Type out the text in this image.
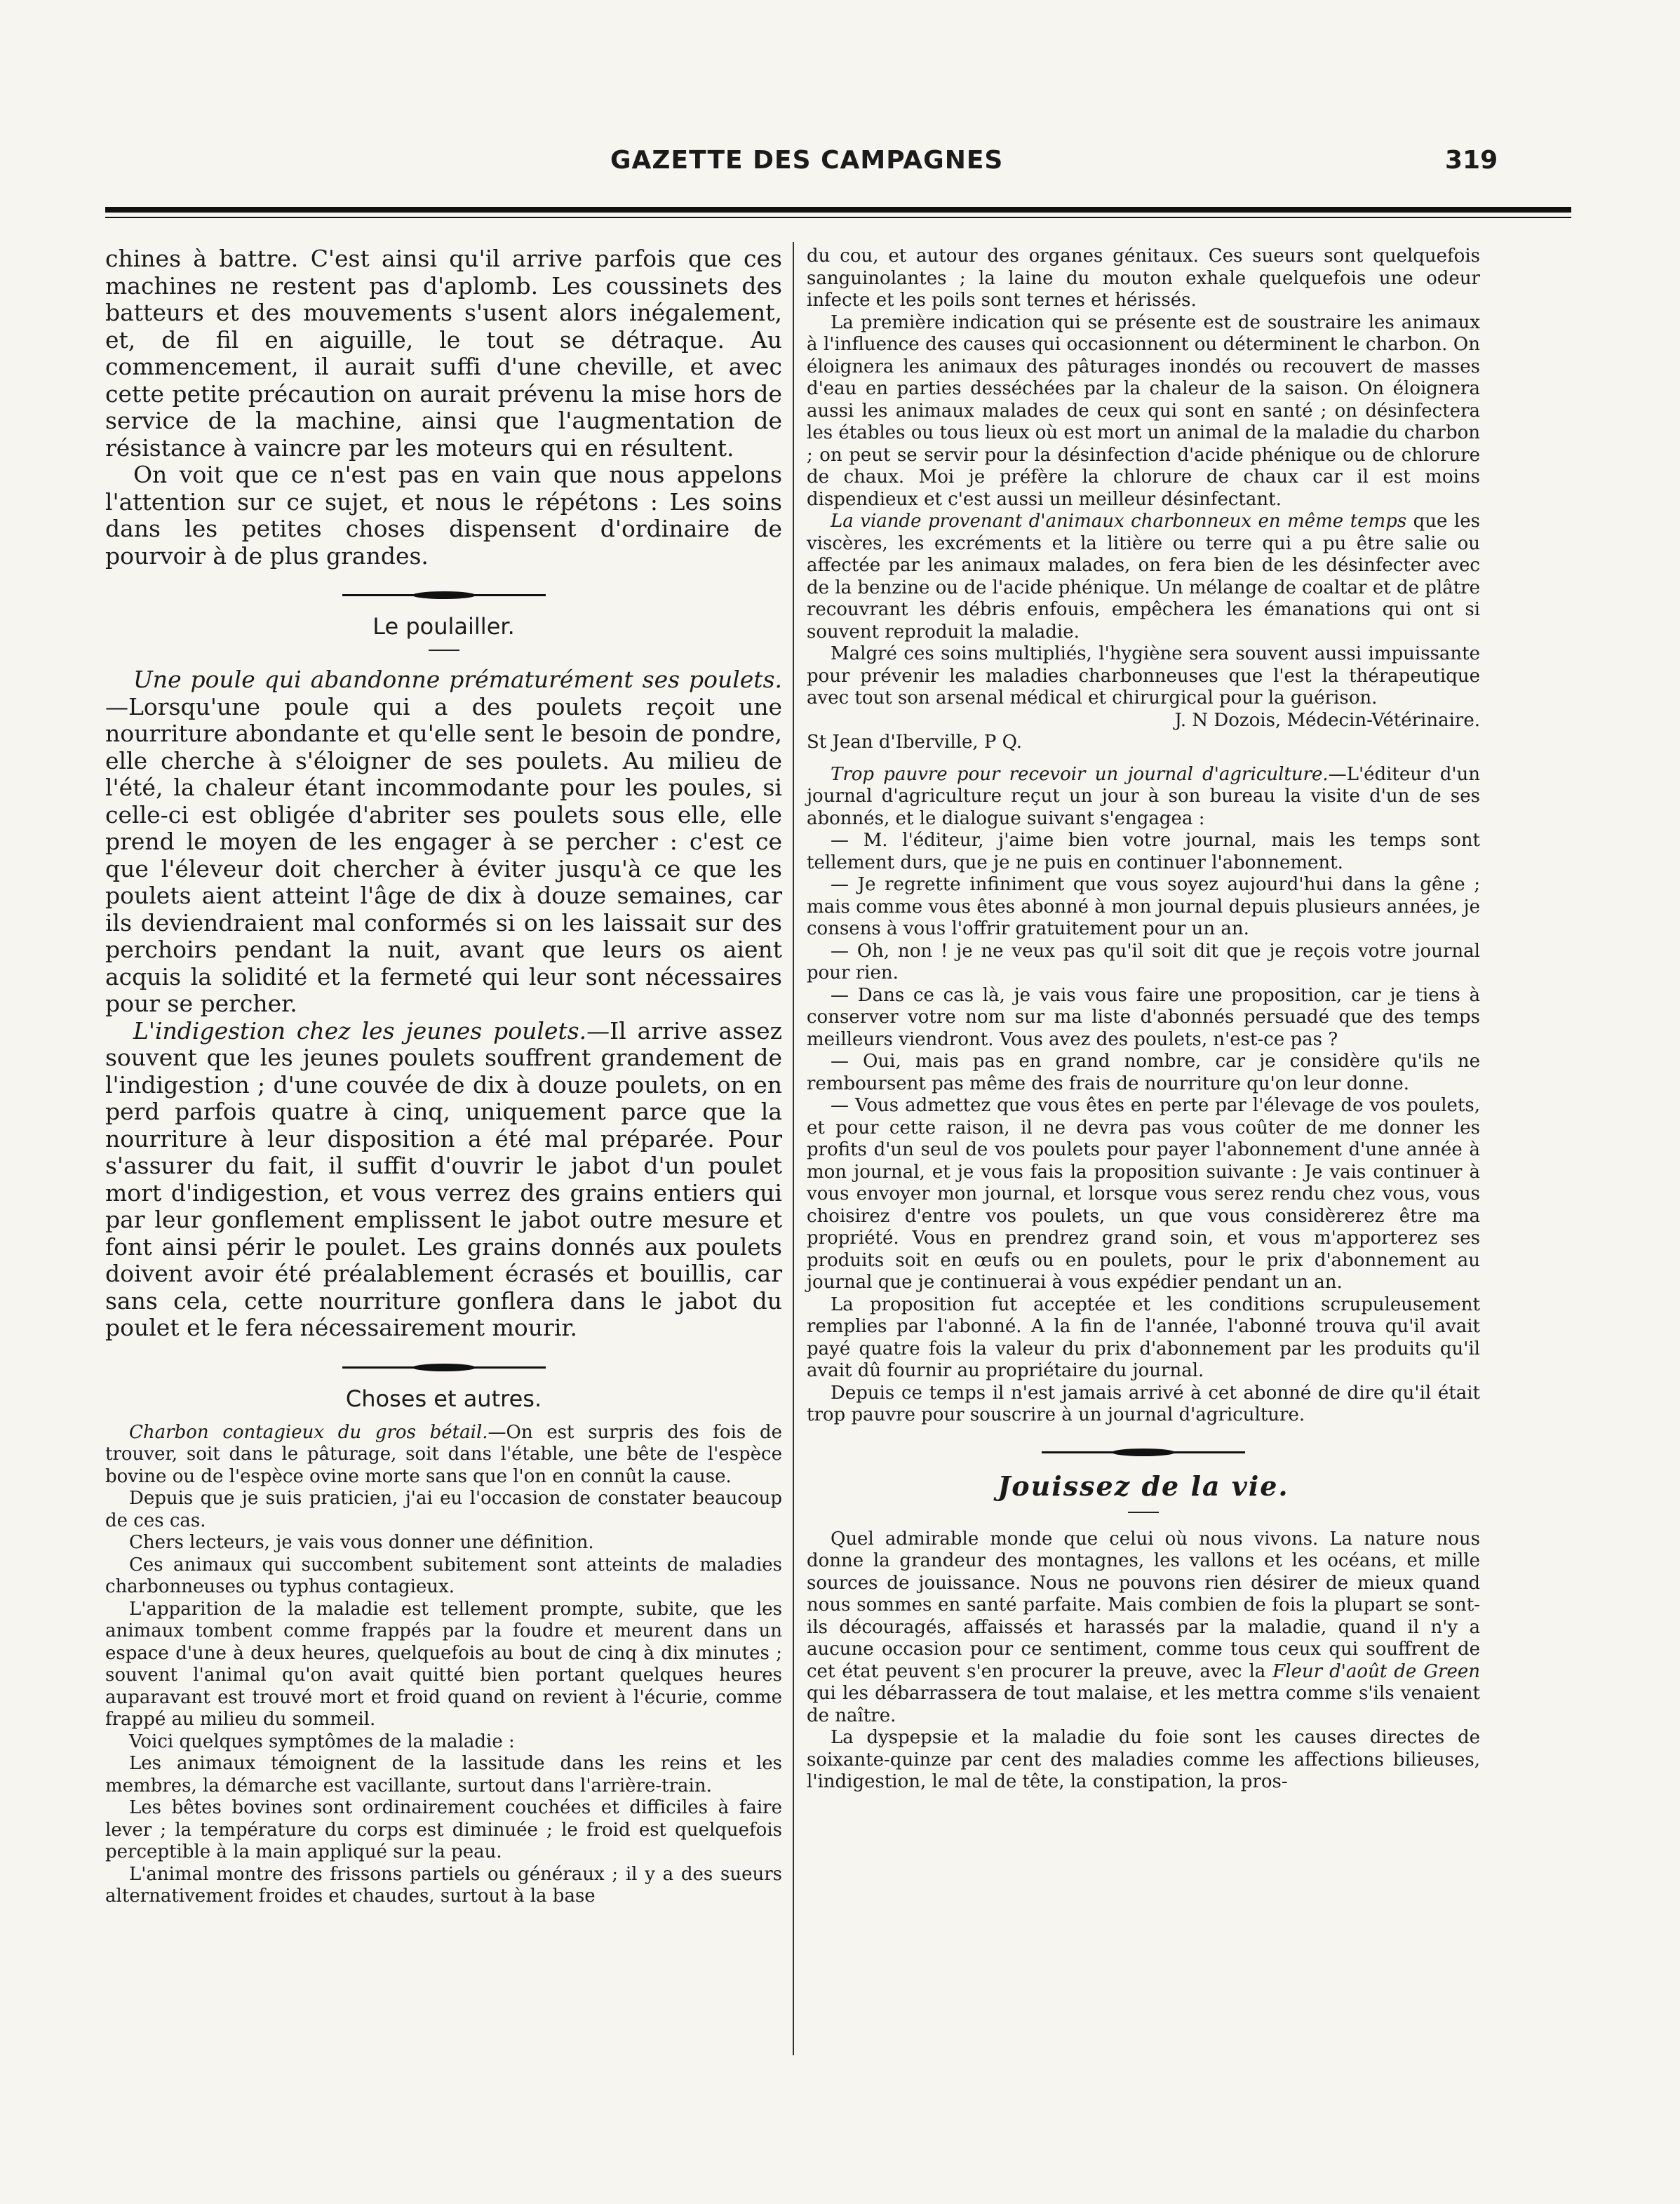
GAZETTE DES CAMPAGNES	319

chines à battre. C'est ainsi qu'il arrive parfois que ces machines ne restent pas d'aplomb. Les coussinets des batteurs et des mouvements s'usent alors inégalement, et, de fil en aiguille, le tout se détraque. Au commencement, il aurait suffi d'une cheville, et avec cette petite précaution on aurait prévenu la mise hors de service de la machine, ainsi que l'augmentation de résistance à vaincre par les moteurs qui en résultent.

On voit que ce n'est pas en vain que nous appelons l'attention sur ce sujet, et nous le répétons : Les soins dans les petites choses dispensent d'ordinaire de pourvoir à de plus grandes.

Le poulailler.

Une poule qui abandonne prématurément ses poulets.—Lorsqu'une poule qui a des poulets reçoit une nourriture abondante et qu'elle sent le besoin de pondre, elle cherche à s'éloigner de ses poulets. Au milieu de l'été, la chaleur étant incommodante pour les poules, si celle-ci est obligée d'abriter ses poulets sous elle, elle prend le moyen de les engager à se percher : c'est ce que l'éleveur doit chercher à éviter jusqu'à ce que les poulets aient atteint l'âge de dix à douze semaines, car ils deviendraient mal conformés si on les laissait sur des perchoirs pendant la nuit, avant que leurs os aient acquis la solidité et la fermeté qui leur sont nécessaires pour se percher.

L'indigestion chez les jeunes poulets.—Il arrive assez souvent que les jeunes poulets souffrent grandement de l'indigestion ; d'une couvée de dix à douze poulets, on en perd parfois quatre à cinq, uniquement parce que la nourriture à leur disposition a été mal préparée. Pour s'assurer du fait, il suffit d'ouvrir le jabot d'un poulet mort d'indigestion, et vous verrez des grains entiers qui par leur gonflement emplissent le jabot outre mesure et font ainsi périr le poulet. Les grains donnés aux poulets doivent avoir été préalablement écrasés et bouillis, car sans cela, cette nourriture gonflera dans le jabot du poulet et le fera nécessairement mourir.

Choses et autres.

Charbon contagieux du gros bétail.—On est surpris des fois de trouver, soit dans le pâturage, soit dans l'étable, une bête de l'espèce bovine ou de l'espèce ovine morte sans que l'on en connût la cause.

Depuis que je suis praticien, j'ai eu l'occasion de constater beaucoup de ces cas.

Chers lecteurs, je vais vous donner une définition.

Ces animaux qui succombent subitement sont atteints de maladies charbonneuses ou typhus contagieux.

L'apparition de la maladie est tellement prompte, subite, que les animaux tombent comme frappés par la foudre et meurent dans un espace d'une à deux heures, quelquefois au bout de cinq à dix minutes ; souvent l'animal qu'on avait quitté bien portant quelques heures auparavant est trouvé mort et froid quand on revient à l'écurie, comme frappé au milieu du sommeil.

Voici quelques symptômes de la maladie :

Les animaux témoignent de la lassitude dans les reins et les membres, la démarche est vacillante, surtout dans l'arrière-train.

Les bêtes bovines sont ordinairement couchées et difficiles à faire lever ; la température du corps est diminuée ; le froid est quelquefois perceptible à la main appliqué sur la peau.

L'animal montre des frissons partiels ou généraux ; il y a des sueurs alternativement froides et chaudes, surtout à la base

du cou, et autour des organes génitaux. Ces sueurs sont quelquefois sanguinolantes ; la laine du mouton exhale quelquefois une odeur infecte et les poils sont ternes et hérissés.

La première indication qui se présente est de soustraire les animaux à l'influence des causes qui occasionnent ou déterminent le charbon. On éloignera les animaux des pâturages inondés ou recouvert de masses d'eau en parties desséchées par la chaleur de la saison. On éloignera aussi les animaux malades de ceux qui sont en santé ; on désinfectera les étables ou tous lieux où est mort un animal de la maladie du charbon ; on peut se servir pour la désinfection d'acide phénique ou de chlorure de chaux. Moi je préfère la chlorure de chaux car il est moins dispendieux et c'est aussi un meilleur désinfectant.

La viande provenant d'animaux charbonneux en même temps que les viscères, les excréments et la litière ou terre qui a pu être salie ou affectée par les animaux malades, on fera bien de les désinfecter avec de la benzine ou de l'acide phénique. Un mélange de coaltar et de plâtre recouvrant les débris enfouis, empêchera les émanations qui ont si souvent reproduit la maladie.

Malgré ces soins multipliés, l'hygiène sera souvent aussi impuissante pour prévenir les maladies charbonneuses que l'est la thérapeutique avec tout son arsenal médical et chirurgical pour la guérison.

J. N Dozois, Médecin-Vétérinaire.

St Jean d'Iberville, P Q.

Trop pauvre pour recevoir un journal d'agriculture.—L'éditeur d'un journal d'agriculture reçut un jour à son bureau la visite d'un de ses abonnés, et le dialogue suivant s'engagea :

— M. l'éditeur, j'aime bien votre journal, mais les temps sont tellement durs, que je ne puis en continuer l'abonnement.

— Je regrette infiniment que vous soyez aujourd'hui dans la gêne ; mais comme vous êtes abonné à mon journal depuis plusieurs années, je consens à vous l'offrir gratuitement pour un an.

— Oh, non ! je ne veux pas qu'il soit dit que je reçois votre journal pour rien.

— Dans ce cas là, je vais vous faire une proposition, car je tiens à conserver votre nom sur ma liste d'abonnés persuadé que des temps meilleurs viendront. Vous avez des poulets, n'est-ce pas ?

— Oui, mais pas en grand nombre, car je considère qu'ils ne remboursent pas même des frais de nourriture qu'on leur donne.

— Vous admettez que vous êtes en perte par l'élevage de vos poulets, et pour cette raison, il ne devra pas vous coûter de me donner les profits d'un seul de vos poulets pour payer l'abonnement d'une année à mon journal, et je vous fais la proposition suivante : Je vais continuer à vous envoyer mon journal, et lorsque vous serez rendu chez vous, vous choisirez d'entre vos poulets, un que vous considèrerez être ma propriété. Vous en prendrez grand soin, et vous m'apporterez ses produits soit en œufs ou en poulets, pour le prix d'abonnement au journal que je continuerai à vous expédier pendant un an.

La proposition fut acceptée et les conditions scrupuleusement remplies par l'abonné. A la fin de l'année, l'abonné trouva qu'il avait payé quatre fois la valeur du prix d'abonnement par les produits qu'il avait dû fournir au propriétaire du journal.

Depuis ce temps il n'est jamais arrivé à cet abonné de dire qu'il était trop pauvre pour souscrire à un journal d'agriculture.

Jouissez de la vie.

Quel admirable monde que celui où nous vivons. La nature nous donne la grandeur des montagnes, les vallons et les océans, et mille sources de jouissance. Nous ne pouvons rien désirer de mieux quand nous sommes en santé parfaite. Mais combien de fois la plupart se sont-ils découragés, affaissés et harassés par la maladie, quand il n'y a aucune occasion pour ce sentiment, comme tous ceux qui souffrent de cet état peuvent s'en procurer la preuve, avec la Fleur d'août de Green qui les débarrassera de tout malaise, et les mettra comme s'ils venaient de naître.

La dyspepsie et la maladie du foie sont les causes directes de soixante-quinze par cent des maladies comme les affections bilieuses, l'indigestion, le mal de tête, la constipation, la pros-
